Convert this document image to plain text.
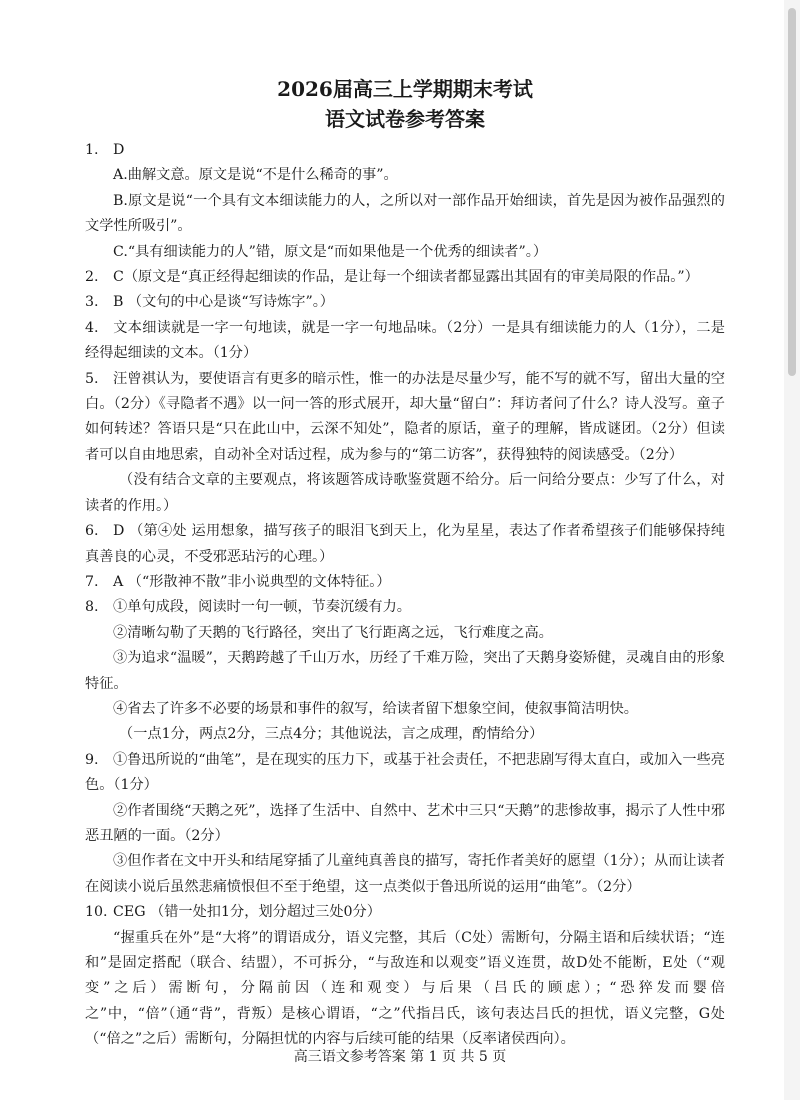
2026届高三上学期期末考试
语文试卷参考答案

1. D

A.曲解文意。原文是说“不是什么稀奇的事”。

B.原文是说“一个具有文本细读能力的人，之所以对一部作品开始细读，首先是因为被作品强烈的文学性所吸引”。

C.“具有细读能力的人”错，原文是“而如果他是一个优秀的细读者”。）

2. C（原文是“真正经得起细读的作品，是让每一个细读者都显露出其固有的审美局限的作品。”）

3. B （文句的中心是谈“写诗炼字”。）

4. 文本细读就是一字一句地读，就是一字一句地品味。（2分）一是具有细读能力的人（1分），二是经得起细读的文本。（1分）

5. 汪曾祺认为，要使语言有更多的暗示性，惟一的办法是尽量少写，能不写的就不写，留出大量的空白。（2分）《寻隐者不遇》以一问一答的形式展开，却大量“留白”：拜访者问了什么？诗人没写。童子如何转述？答语只是“只在此山中，云深不知处”，隐者的原话，童子的理解，皆成谜团。（2分）但读者可以自由地思索，自动补全对话过程，成为参与的“第二访客”，获得独特的阅读感受。（2分）

（没有结合文章的主要观点，将该题答成诗歌鉴赏题不给分。后一问给分要点：少写了什么，对读者的作用。）

6. D （第④处 运用想象，描写孩子的眼泪飞到天上，化为星星，表达了作者希望孩子们能够保持纯真善良的心灵，不受邪恶玷污的心理。）

7. A （“形散神不散”非小说典型的文体特征。）

8. ①单句成段，阅读时一句一顿，节奏沉缓有力。

②清晰勾勒了天鹅的飞行路径，突出了飞行距离之远，飞行难度之高。

③为追求“温暖”，天鹅跨越了千山万水，历经了千难万险，突出了天鹅身姿矫健，灵魂自由的形象特征。

④省去了许多不必要的场景和事件的叙写，给读者留下想象空间，使叙事简洁明快。

（一点1分，两点2分，三点4分；其他说法，言之成理，酌情给分）

9. ①鲁迅所说的“曲笔”，是在现实的压力下，或基于社会责任，不把悲剧写得太直白，或加入一些亮色。（1分）

②作者围绕“天鹅之死”，选择了生活中、自然中、艺术中三只“天鹅”的悲惨故事，揭示了人性中邪恶丑陋的一面。（2分）

③但作者在文中开头和结尾穿插了儿童纯真善良的描写，寄托作者美好的愿望（1分）；从而让读者在阅读小说后虽然悲痛愤恨但不至于绝望，这一点类似于鲁迅所说的运用“曲笔”。（2分）

10. CEG （错一处扣1分，划分超过三处0分）

“握重兵在外”是“大将”的谓语成分，语义完整，其后（C处）需断句，分隔主语和后续状语；“连和”是固定搭配（联合、结盟），不可拆分，“与敌连和以观变”语义连贯，故D处不能断，E处（“观变”之后）需断句，分隔前因（连和观变）与后果（吕氏的顾虑）；“恐猝发而婴倍之”中，“倍”（通“背”，背叛）是核心谓语，“之”代指吕氏，该句表达吕氏的担忧，语义完整，G处（“倍之”之后）需断句，分隔担忧的内容与后续可能的结果（反率诸侯西向）。

高三语文参考答案 第 1 页 共 5 页
